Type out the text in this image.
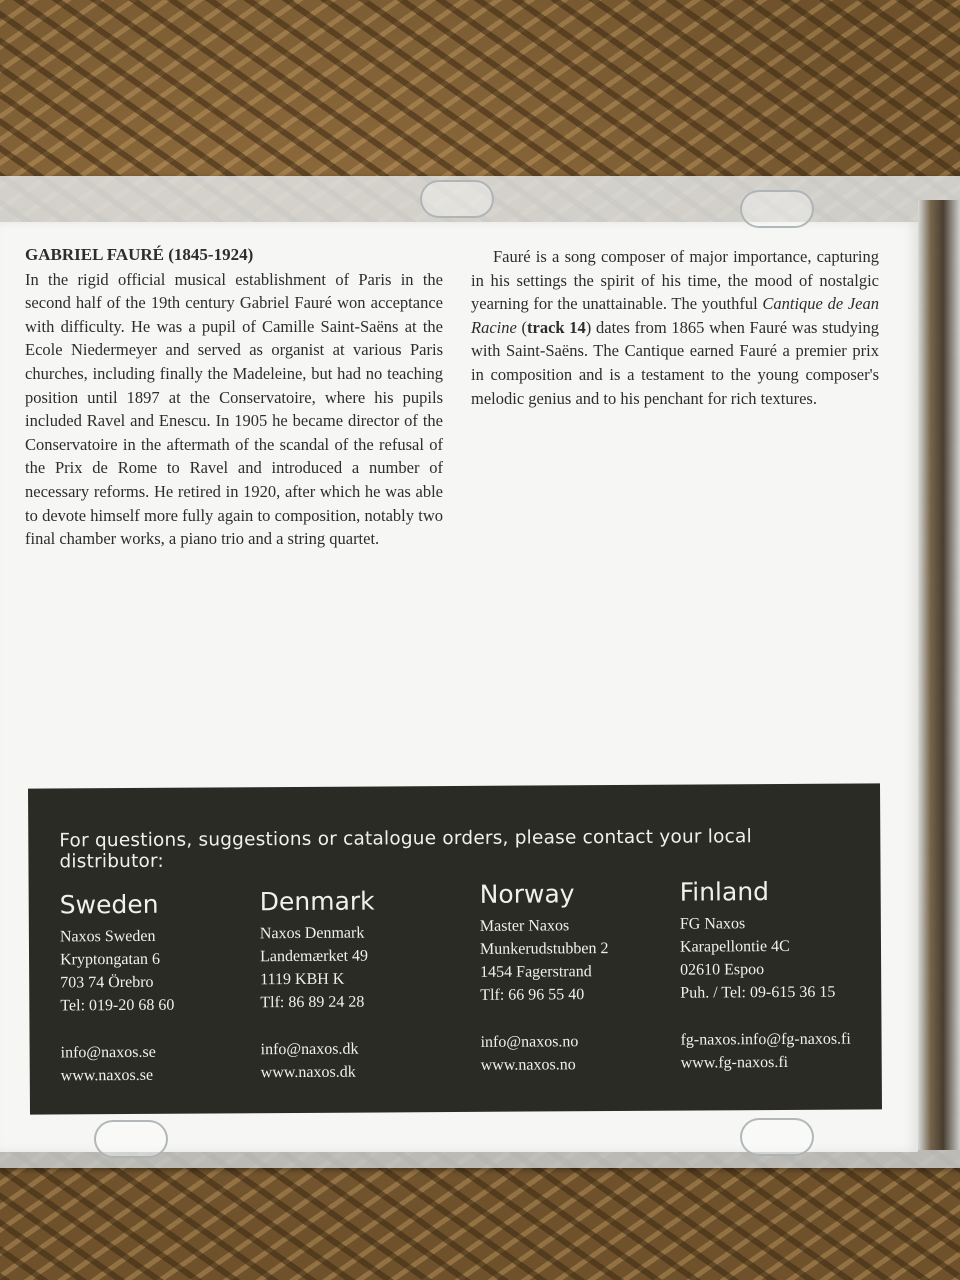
GABRIEL FAURÉ (1845-1924)
In the rigid official musical establishment of Paris in the second half of the 19th century Gabriel Fauré won acceptance with difficulty. He was a pupil of Camille Saint-Saëns at the Ecole Niedermeyer and served as organist at various Paris churches, including finally the Madeleine, but had no teaching position until 1897 at the Conservatoire, where his pupils included Ravel and Enescu. In 1905 he became director of the Conservatoire in the aftermath of the scandal of the refusal of the Prix de Rome to Ravel and introduced a number of necessary reforms. He retired in 1920, after which he was able to devote himself more fully again to composition, notably two final chamber works, a piano trio and a string quartet.
Fauré is a song composer of major importance, capturing in his settings the spirit of his time, the mood of nostalgic yearning for the unattainable. The youthful Cantique de Jean Racine (track 14) dates from 1865 when Fauré was studying with Saint-Saëns. The Cantique earned Fauré a premier prix in composition and is a testament to the young composer's melodic genius and to his penchant for rich textures.
For questions, suggestions or catalogue orders, please contact your local distributor:
Sweden
Naxos Sweden
Kryptongatan 6
703 74 Örebro
Tel: 019-20 68 60
info@naxos.se
www.naxos.se
Denmark
Naxos Denmark
Landemærket 49
1119 KBH K
Tlf: 86 89 24 28
info@naxos.dk
www.naxos.dk
Norway
Master Naxos
Munkerudstubben 2
1454 Fagerstrand
Tlf: 66 96 55 40
info@naxos.no
www.naxos.no
Finland
FG Naxos
Karapellontie 4C
02610 Espoo
Puh. / Tel: 09-615 36 15
fg-naxos.info@fg-naxos.fi
www.fg-naxos.fi
